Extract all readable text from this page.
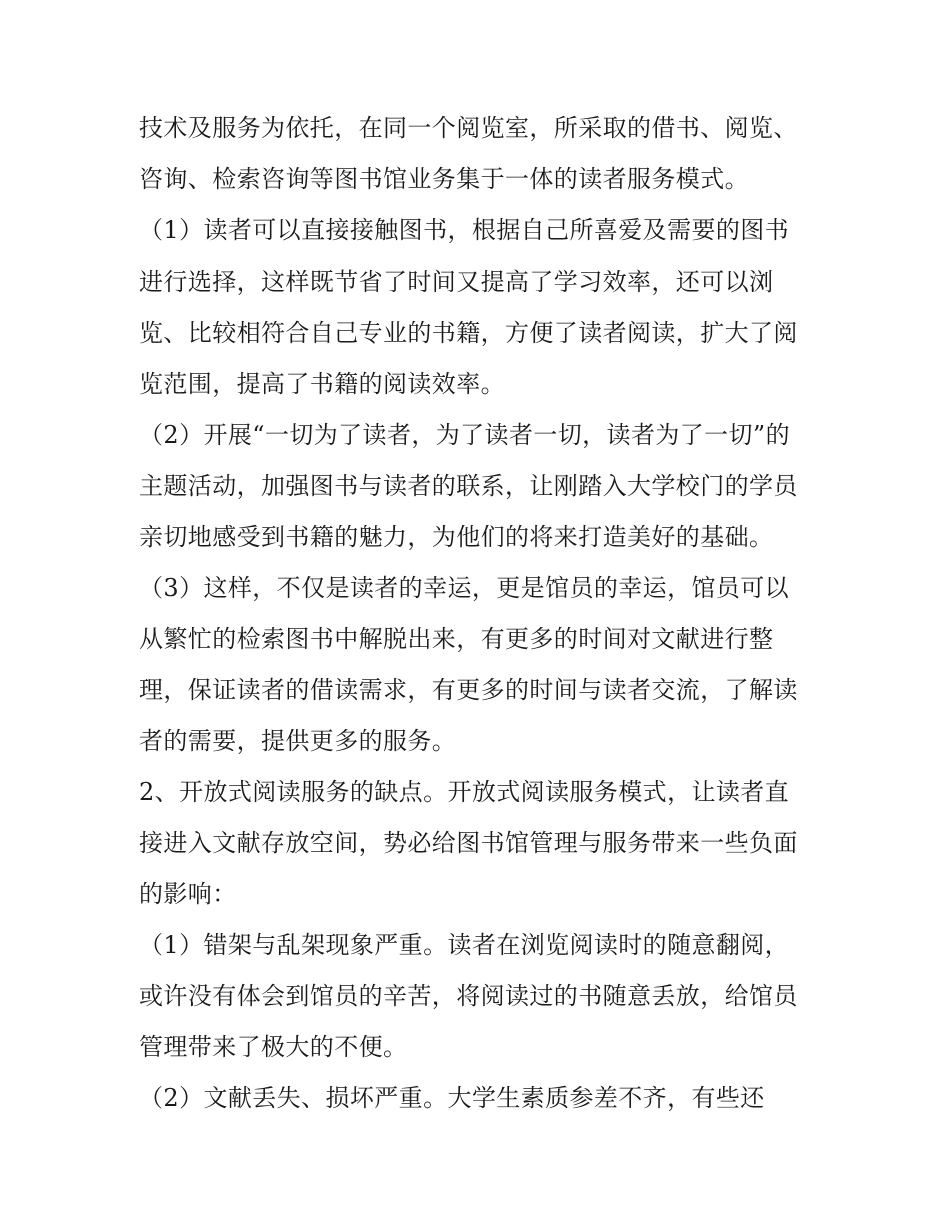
技术及服务为依托，在同一个阅览室，所采取的借书、阅览、
咨询、检索咨询等图书馆业务集于一体的读者服务模式。
（1）读者可以直接接触图书，根据自己所喜爱及需要的图书
进行选择，这样既节省了时间又提高了学习效率，还可以浏
览、比较相符合自己专业的书籍，方便了读者阅读，扩大了阅
览范围，提高了书籍的阅读效率。
（2）开展“一切为了读者，为了读者一切，读者为了一切”的
主题活动，加强图书与读者的联系，让刚踏入大学校门的学员
亲切地感受到书籍的魅力，为他们的将来打造美好的基础。
（3）这样，不仅是读者的幸运，更是馆员的幸运，馆员可以
从繁忙的检索图书中解脱出来，有更多的时间对文献进行整
理，保证读者的借读需求，有更多的时间与读者交流，了解读
者的需要，提供更多的服务。
2、开放式阅读服务的缺点。开放式阅读服务模式，让读者直
接进入文献存放空间，势必给图书馆管理与服务带来一些负面
的影响：
（1）错架与乱架现象严重。读者在浏览阅读时的随意翻阅，
或许没有体会到馆员的辛苦，将阅读过的书随意丢放，给馆员
管理带来了极大的不便。
（2）文献丢失、损坏严重。大学生素质参差不齐，有些还
